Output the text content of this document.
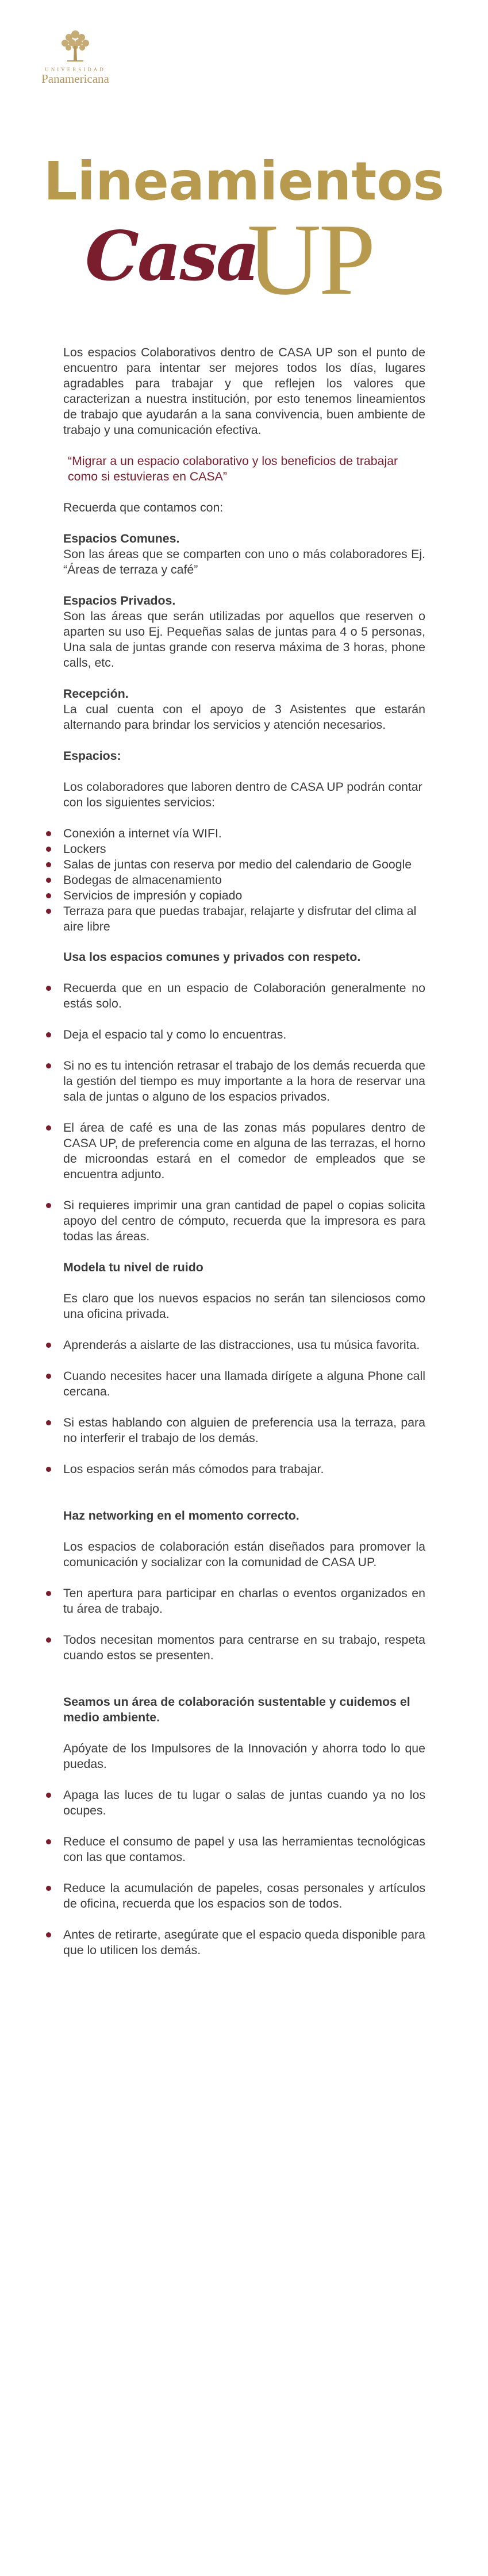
UNIVERSIDAD
Panamericana
Lineamientos
Casa
UP

Los espacios Colaborativos dentro de CASA UP son el punto de encuentro para intentar ser mejores todos los días, lugares agradables para trabajar y que reflejen los valores que caracterizan a nuestra institución, por esto tenemos lineamientos de trabajo que ayudarán a la sana convivencia, buen ambiente de trabajo y una comunicación efectiva.

“Migrar a un espacio colaborativo y los beneficios de trabajar como si estuvieras en CASA”

Recuerda que contamos con:

Espacios Comunes.

Son las áreas que se comparten con uno o más colaboradores Ej. “Áreas de terraza y café”

Espacios Privados.

Son las áreas que serán utilizadas por aquellos que reserven o aparten su uso Ej. Pequeñas salas de juntas para 4 o 5 personas, Una sala de juntas grande con reserva máxima de 3 horas, phone calls, etc.

Recepción.

La cual cuenta con el apoyo de 3 Asistentes que estarán alternando para brindar los servicios y atención necesarios.

Espacios:

Los colaboradores que laboren dentro de CASA UP podrán contar con los siguientes servicios:

Conexión a internet vía WIFI.
Lockers
Salas de juntas con reserva por medio del calendario de Google
Bodegas de almacenamiento
Servicios de impresión y copiado
Terraza para que puedas trabajar, relajarte y disfrutar del clima al aire libre

Usa los espacios comunes y privados con respeto.

Recuerda que en un espacio de Colaboración generalmente no estás solo.
Deja el espacio tal y como lo encuentras.
Si no es tu intención retrasar el trabajo de los demás recuerda que la gestión del tiempo es muy importante a la hora de reservar una sala de juntas o alguno de los espacios privados.
El área de café es una de las zonas más populares dentro de CASA UP, de preferencia come en alguna de las terrazas, el horno de microondas estará en el comedor de empleados que se encuentra adjunto.
Si requieres imprimir una gran cantidad de papel o copias solicita apoyo del centro de cómputo, recuerda que la impresora es para todas las áreas.

Modela tu nivel de ruido

Es claro que los nuevos espacios no serán tan silenciosos como una oficina privada.

Aprenderás a aislarte de las distracciones, usa tu música favorita.
Cuando necesites hacer una llamada dirígete a alguna Phone call cercana.
Si estas hablando con alguien de preferencia usa la terraza, para no interferir el trabajo de los demás.
Los espacios serán más cómodos para trabajar.

Haz networking en el momento correcto.

Los espacios de colaboración están diseñados para promover la comunicación y socializar con la comunidad de CASA UP.

Ten apertura para participar en charlas o eventos organizados en tu área de trabajo.
Todos necesitan momentos para centrarse en su trabajo, respeta cuando estos se presenten.

Seamos un área de colaboración sustentable y cuidemos el medio ambiente.

Apóyate de los Impulsores de la Innovación y ahorra todo lo que puedas.

Apaga las luces de tu lugar o salas de juntas cuando ya no los ocupes.
Reduce el consumo de papel y usa las herramientas tecnológicas con las que contamos.
Reduce la acumulación de papeles, cosas personales y artículos de oficina, recuerda que los espacios son de todos.
Antes de retirarte, asegúrate que el espacio queda disponible para que lo utilicen los demás.
